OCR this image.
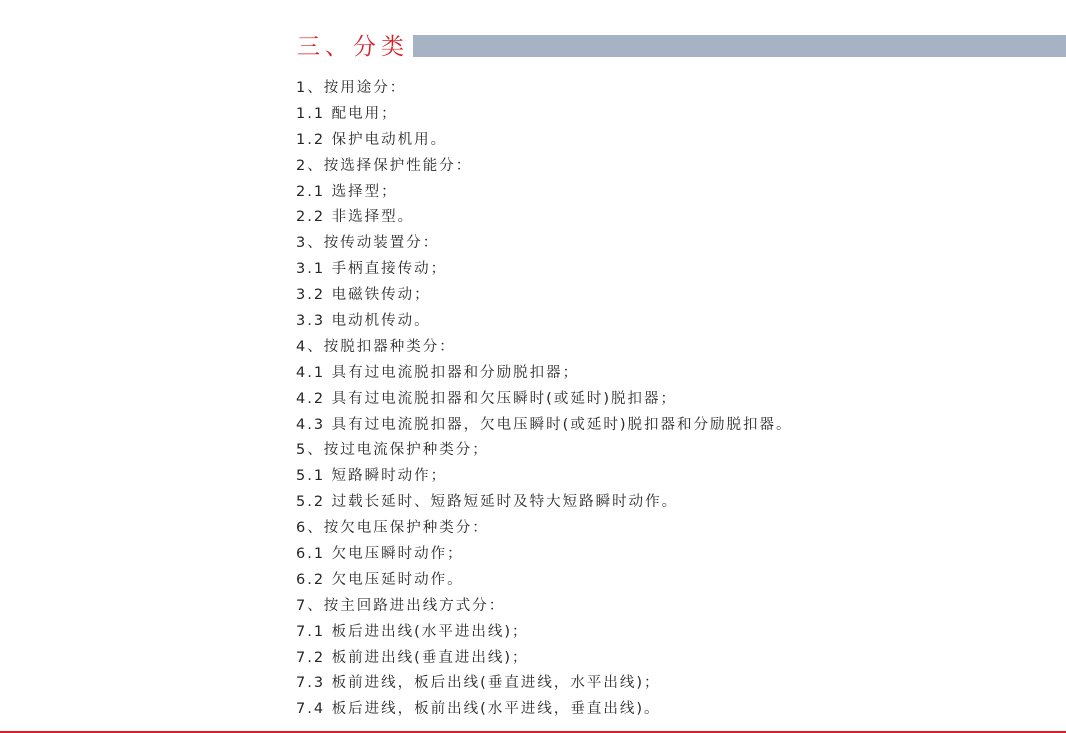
三、分类
1、按用途分：
1.1 配电用；
1.2 保护电动机用。
2、按选择保护性能分：
2.1 选择型；
2.2 非选择型。
3、按传动装置分：
3.1 手柄直接传动；
3.2 电磁铁传动；
3.3 电动机传动。
4、按脱扣器种类分：
4.1 具有过电流脱扣器和分励脱扣器；
4.2 具有过电流脱扣器和欠压瞬时(或延时)脱扣器；
4.3 具有过电流脱扣器，欠电压瞬时(或延时)脱扣器和分励脱扣器。
5、按过电流保护种类分；
5.1 短路瞬时动作；
5.2 过载长延时、短路短延时及特大短路瞬时动作。
6、按欠电压保护种类分：
6.1 欠电压瞬时动作；
6.2 欠电压延时动作。
7、按主回路进出线方式分：
7.1 板后进出线(水平进出线)；
7.2 板前进出线(垂直进出线)；
7.3 板前进线，板后出线(垂直进线，水平出线)；
7.4 板后进线，板前出线(水平进线，垂直出线)。
